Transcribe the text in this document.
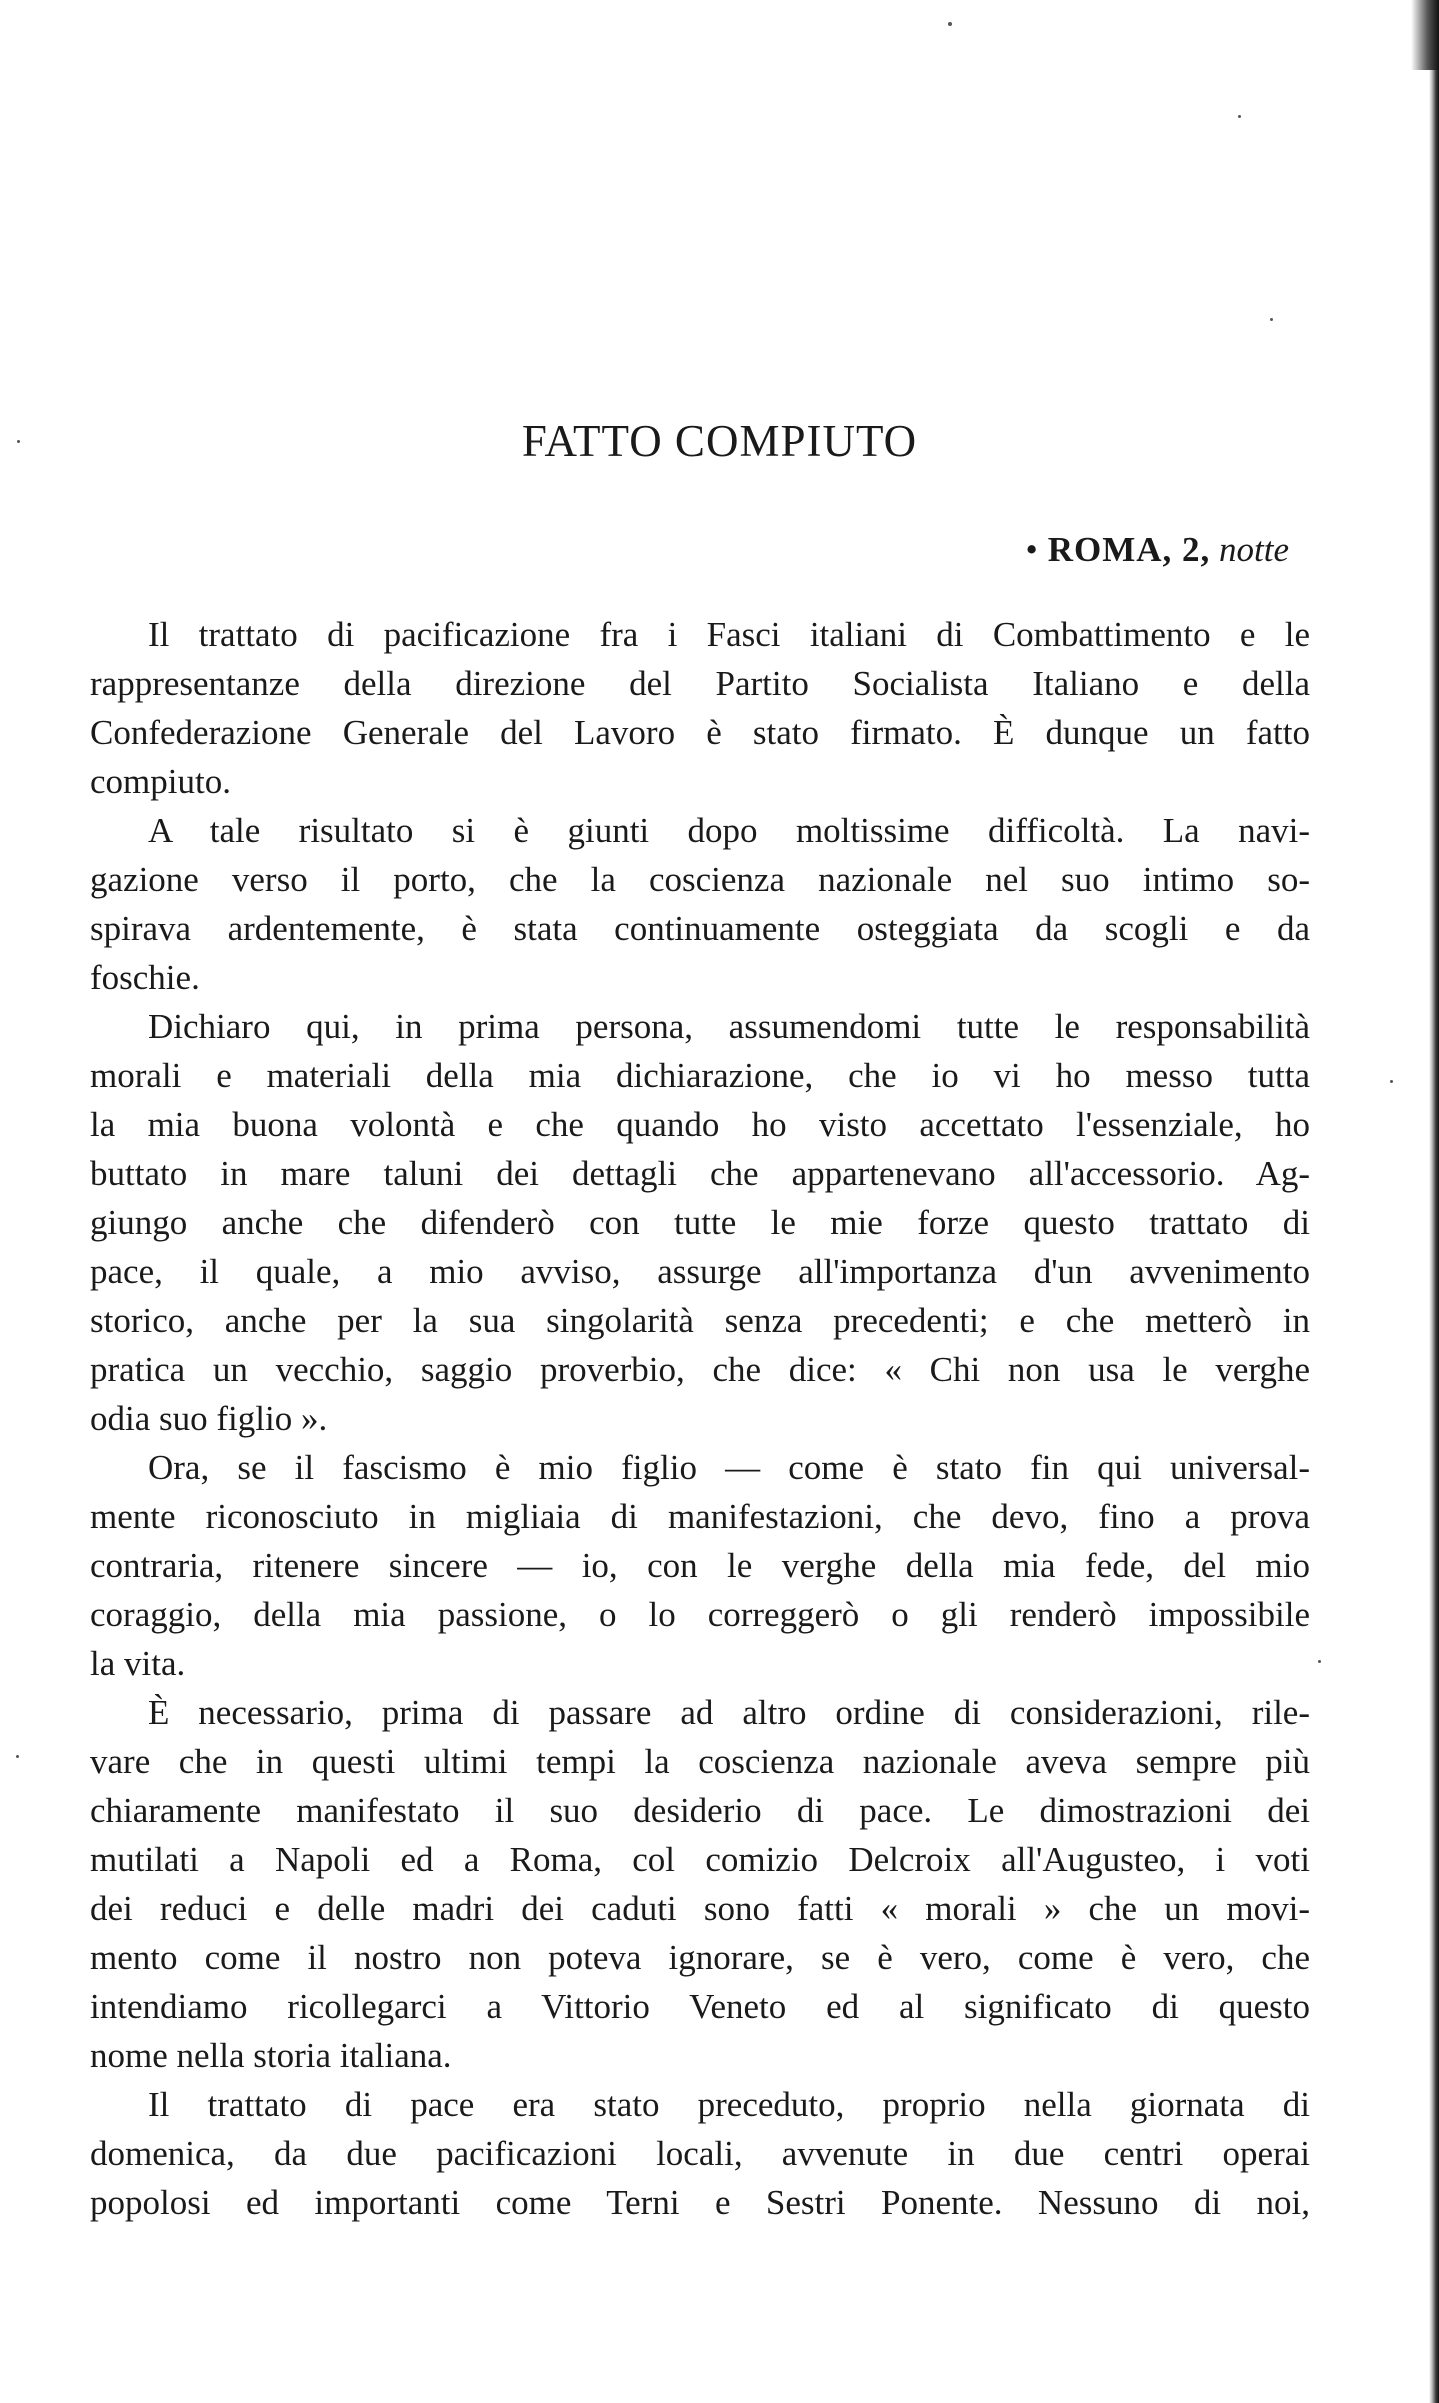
FATTO COMPIUTO
• ROMA, 2, notte

Il trattato di pacificazione fra i Fasci italiani di Combattimento e le
rappresentanze della direzione del Partito Socialista Italiano e della
Confederazione Generale del Lavoro è stato firmato. È dunque un fatto
compiuto.

A tale risultato si è giunti dopo moltissime difficoltà. La navi-
gazione verso il porto, che la coscienza nazionale nel suo intimo so-
spirava ardentemente, è stata continuamente osteggiata da scogli e da
foschie.

Dichiaro qui, in prima persona, assumendomi tutte le responsabilità
morali e materiali della mia dichiarazione, che io vi ho messo tutta
la mia buona volontà e che quando ho visto accettato l'essenziale, ho
buttato in mare taluni dei dettagli che appartenevano all'accessorio. Ag-
giungo anche che difenderò con tutte le mie forze questo trattato di
pace, il quale, a mio avviso, assurge all'importanza d'un avvenimento
storico, anche per la sua singolarità senza precedenti; e che metterò in
pratica un vecchio, saggio proverbio, che dice: « Chi non usa le verghe
odia suo figlio ».

Ora, se il fascismo è mio figlio — come è stato fin qui universal-
mente riconosciuto in migliaia di manifestazioni, che devo, fino a prova
contraria, ritenere sincere — io, con le verghe della mia fede, del mio
coraggio, della mia passione, o lo correggerò o gli renderò impossibile
la vita.

È necessario, prima di passare ad altro ordine di considerazioni, rile-
vare che in questi ultimi tempi la coscienza nazionale aveva sempre più
chiaramente manifestato il suo desiderio di pace. Le dimostrazioni dei
mutilati a Napoli ed a Roma, col comizio Delcroix all'Augusteo, i voti
dei reduci e delle madri dei caduti sono fatti « morali » che un movi-
mento come il nostro non poteva ignorare, se è vero, come è vero, che
intendiamo ricollegarci a Vittorio Veneto ed al significato di questo
nome nella storia italiana.

Il trattato di pace era stato preceduto, proprio nella giornata di
domenica, da due pacificazioni locali, avvenute in due centri operai
popolosi ed importanti come Terni e Sestri Ponente. Nessuno di noi,
